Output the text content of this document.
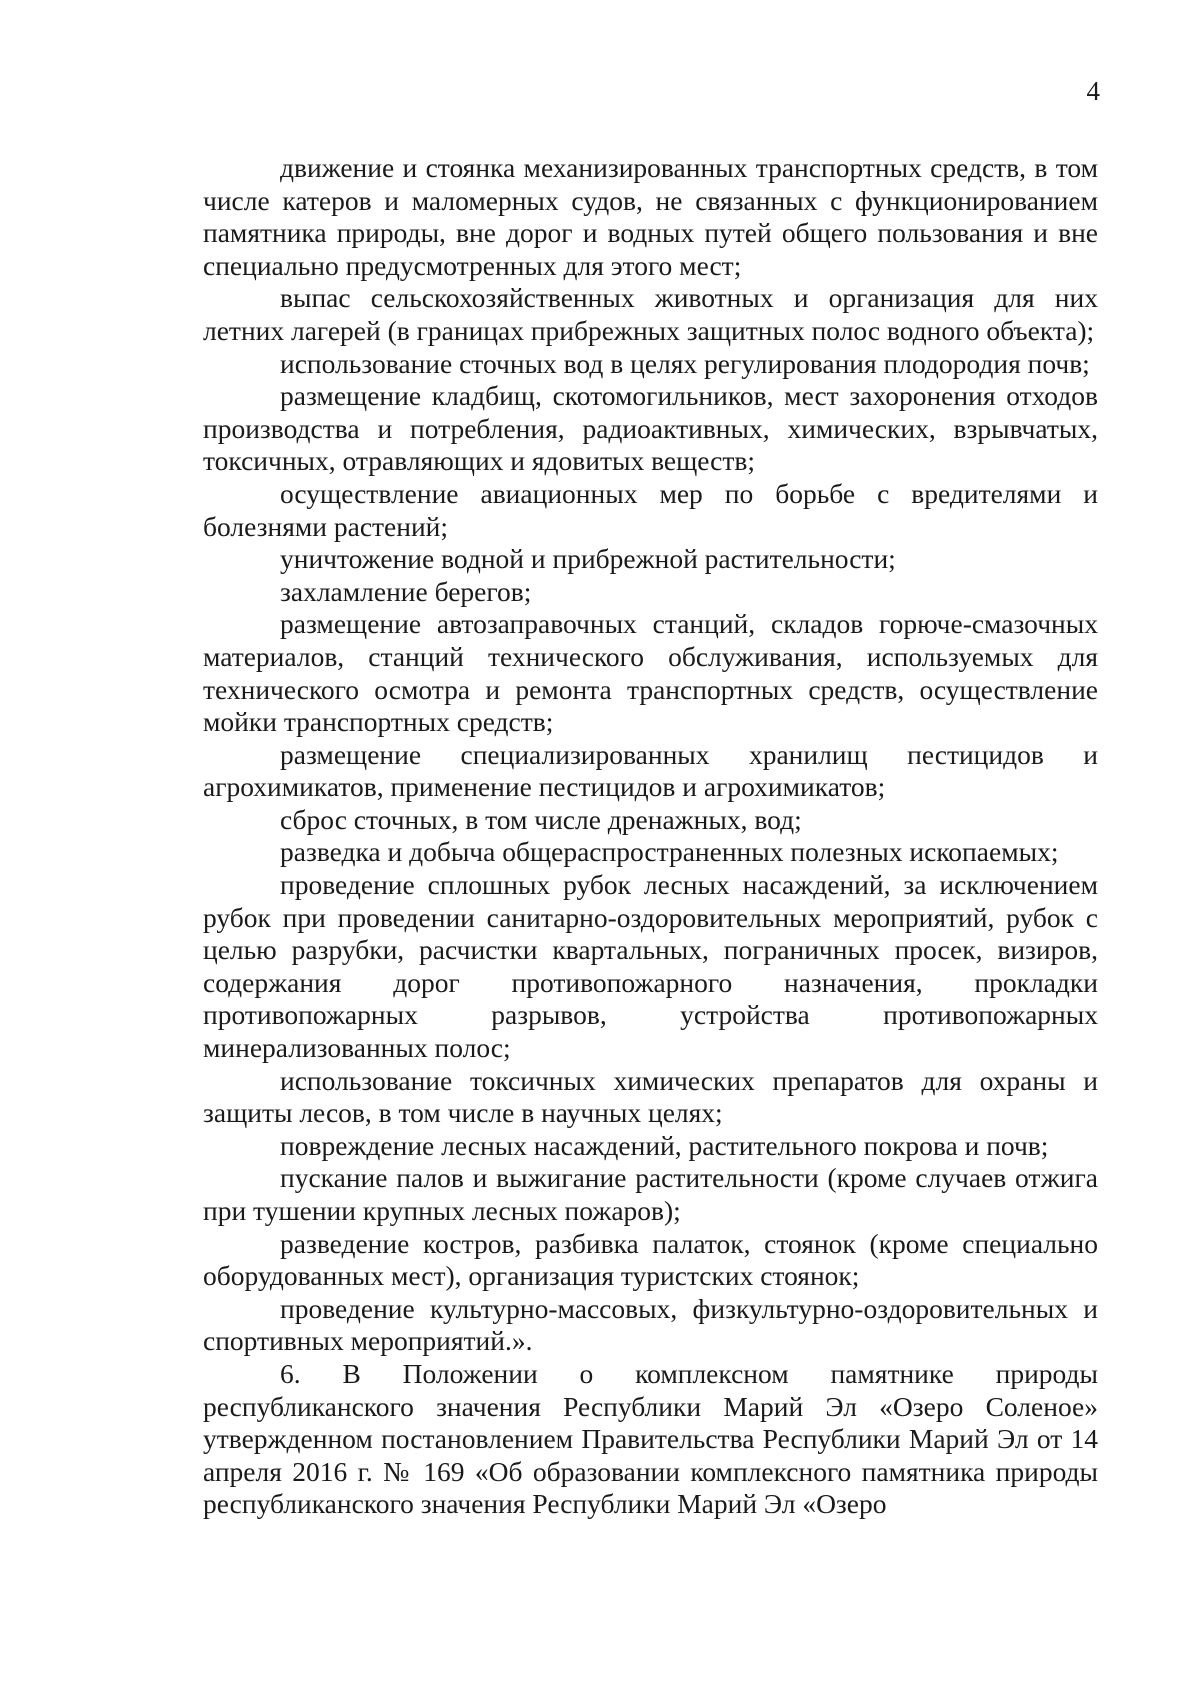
4

движение и стоянка механизированных транспортных средств, в том числе катеров и маломерных судов, не связанных с функционированием памятника природы, вне дорог и водных путей общего пользования и вне специально предусмотренных для этого мест;

выпас сельскохозяйственных животных и организация для них летних лагерей (в границах прибрежных защитных полос водного объекта);

использование сточных вод в целях регулирования плодородия почв;

размещение кладбищ, скотомогильников, мест захоронения отходов производства и потребления, радиоактивных, химических, взрывчатых, токсичных, отравляющих и ядовитых веществ;

осуществление авиационных мер по борьбе с вредителями и болезнями растений;

уничтожение водной и прибрежной растительности;

захламление берегов;

размещение автозаправочных станций, складов горюче-смазочных материалов, станций технического обслуживания, используемых для технического осмотра и ремонта транспортных средств, осуществление мойки транспортных средств;

размещение специализированных хранилищ пестицидов и агрохимикатов, применение пестицидов и агрохимикатов;

сброс сточных, в том числе дренажных, вод;

разведка и добыча общераспространенных полезных ископаемых;

проведение сплошных рубок лесных насаждений, за исключением рубок при проведении санитарно-оздоровительных мероприятий, рубок с целью разрубки, расчистки квартальных, пограничных просек, визиров, содержания дорог противопожарного назначения, прокладки противопожарных разрывов, устройства противопожарных минерализованных полос;

использование токсичных химических препаратов для охраны и защиты лесов, в том числе в научных целях;

повреждение лесных насаждений, растительного покрова и почв;

пускание палов и выжигание растительности (кроме случаев отжига при тушении крупных лесных пожаров);

разведение костров, разбивка палаток, стоянок (кроме специально оборудованных мест), организация туристских стоянок;

проведение культурно-массовых, физкультурно-оздоровительных и спортивных мероприятий.».

6. В Положении о комплексном памятнике природы республиканского значения Республики Марий Эл «Озеро Соленое» утвержденном постановлением Правительства Республики Марий Эл от 14 апреля 2016 г. № 169 «Об образовании комплексного памятника природы республиканского значения Республики Марий Эл «Озеро
